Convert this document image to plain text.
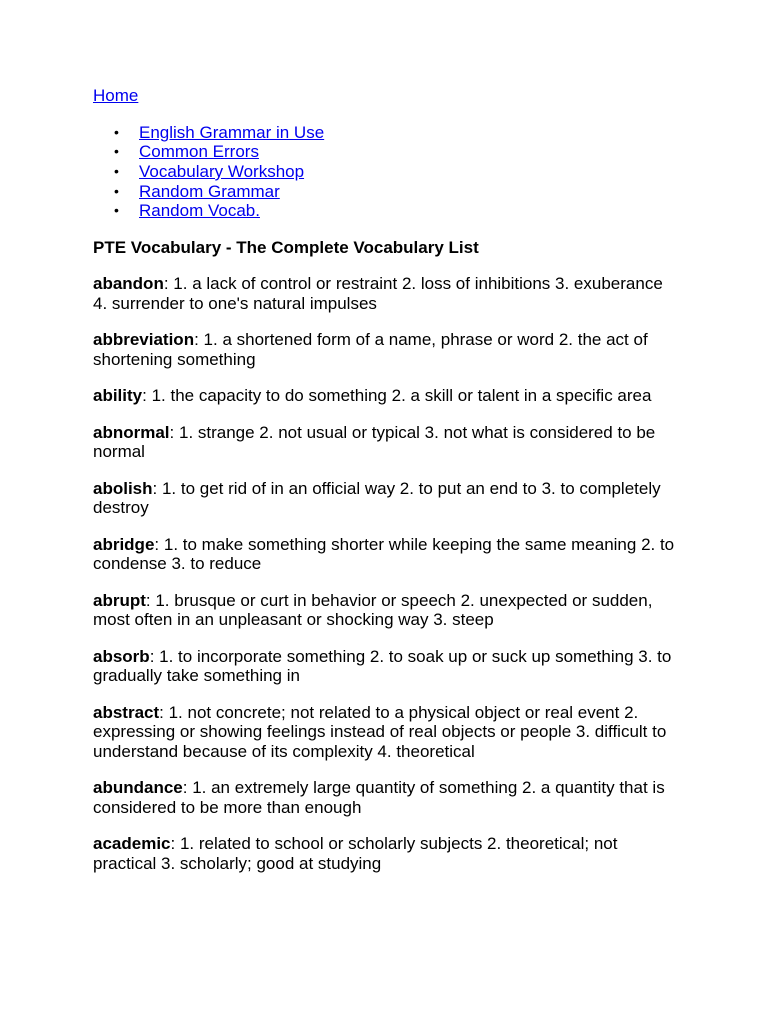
Home
• English Grammar in Use
• Common Errors
• Vocabulary Workshop
• Random Grammar
• Random Vocab.

PTE Vocabulary - The Complete Vocabulary List

abandon: 1. a lack of control or restraint 2. loss of inhibitions 3. exuberance 4. surrender to one's natural impulses

abbreviation: 1. a shortened form of a name, phrase or word 2. the act of shortening something

ability: 1. the capacity to do something 2. a skill or talent in a specific area

abnormal: 1. strange 2. not usual or typical 3. not what is considered to be normal

abolish: 1. to get rid of in an official way 2. to put an end to 3. to completely destroy

abridge: 1. to make something shorter while keeping the same meaning 2. to condense 3. to reduce

abrupt: 1. brusque or curt in behavior or speech 2. unexpected or sudden, most often in an unpleasant or shocking way 3. steep

absorb: 1. to incorporate something 2. to soak up or suck up something 3. to gradually take something in

abstract: 1. not concrete; not related to a physical object or real event 2. expressing or showing feelings instead of real objects or people 3. difficult to understand because of its complexity 4. theoretical

abundance: 1. an extremely large quantity of something 2. a quantity that is considered to be more than enough

academic: 1. related to school or scholarly subjects 2. theoretical; not practical 3. scholarly; good at studying
